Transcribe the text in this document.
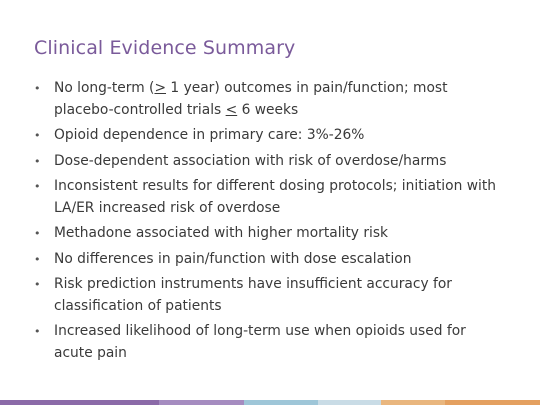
Clinical Evidence Summary
• No long-term (> 1 year) outcomes in pain/function; most placebo-controlled trials < 6 weeks
• Opioid dependence in primary care: 3%-26%
• Dose-dependent association with risk of overdose/harms
• Inconsistent results for different dosing protocols; initiation with LA/ER increased risk of overdose
• Methadone associated with higher mortality risk
• No differences in pain/function with dose escalation
• Risk prediction instruments have insufficient accuracy for classification of patients
• Increased likelihood of long-term use when opioids used for acute pain
